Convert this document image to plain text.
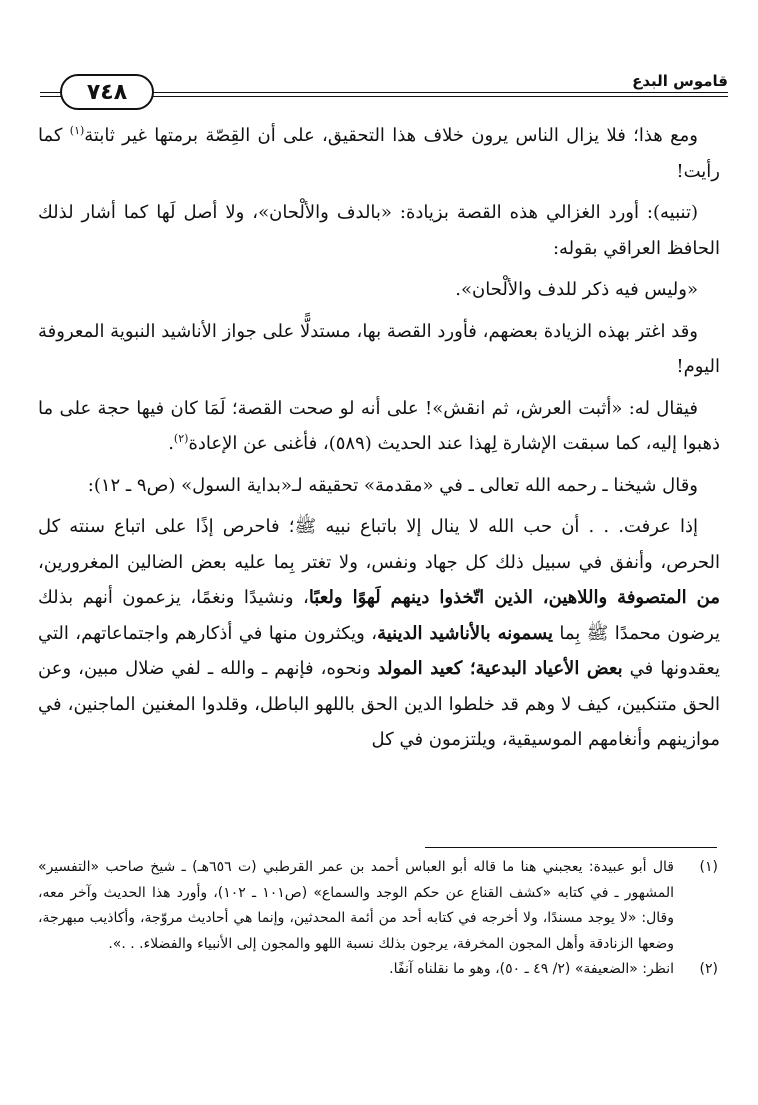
قاموس البدع
٧٤٨

ومع هذا؛ فلا يزال الناس يرون خلاف هذا التحقيق، على أن القِصّة برمتها غير ثابتة$^{(١)}$ كما رأيت!

(تنبيه): أورد الغزالي هذه القصة بزيادة: «بالدف والألْحان»، ولا أصل لَها كما أشار لذلك الحافظ العراقي بقوله:

«وليس فيه ذكر للدف والألْحان».

وقد اغتر بهذه الزيادة بعضهم، فأورد القصة بها، مستدلًّا على جواز الأناشيد النبوية المعروفة اليوم!

فيقال له: «أثبت العرش، ثم انقش»! على أنه لو صحت القصة؛ لَمَا كان فيها حجة على ما ذهبوا إليه، كما سبقت الإشارة لِهذا عند الحديث (٥٨٩)، فأغنى عن الإعادة$^{(٢)}$.

وقال شيخنا ـ رحمه الله تعالى ـ في «مقدمة» تحقيقه لـ«بداية السول» (ص٩ ـ ١٢):

إذا عرفت. . . أن حب الله لا ينال إلا باتباع نبيه ﷺ؛ فاحرص إذًا على اتباع سنته كل الحرص، وأنفق في سبيل ذلك كل جهاد ونفس، ولا تغتر بِما عليه بعض الضالين المغرورين، من المتصوفة واللاهين، الذين اتّخذوا دينهم لَهوًا ولعبًا، ونشيدًا ونغمًا، يزعمون أنهم بذلك يرضون محمدًا ﷺ بِما يسمونه بالأناشيد الدينية، ويكثرون منها في أذكارهم واجتماعاتهم، التي يعقدونها في بعض الأعياد البدعية؛ كعيد المولد ونحوه، فإنهم ـ والله ـ لفي ضلال مبين، وعن الحق متنكبين، كيف لا وهم قد خلطوا الدين الحق باللهو الباطل، وقلدوا المغنين الماجنين، في موازينهم وأنغامهم الموسيقية، ويلتزمون في كل

(١)
قال أبو عبيدة: يعجبني هنا ما قاله أبو العباس أحمد بن عمر القرطبي (ت ٦٥٦هـ) ـ شيخ صاحب «التفسير» المشهور ـ في كتابه «كشف القناع عن حكم الوجد والسماع» (ص١٠١ ـ ١٠٢)، وأورد هذا الحديث وآخر معه، وقال: «لا يوجد مسندًا، ولا أخرجه في كتابه أحد من أئمة المحدثين، وإنما هي أحاديث مروّجة، وأكاذيب مبهرجة، وضعها الزنادقة وأهل المجون المخرفة، يرجون بذلك نسبة اللهو والمجون إلى الأنبياء والفضلاء. . .».
(٢)
انظر: «الضعيفة» (٢/ ٤٩ ـ ٥٠)، وهو ما نقلناه آنفًا.
